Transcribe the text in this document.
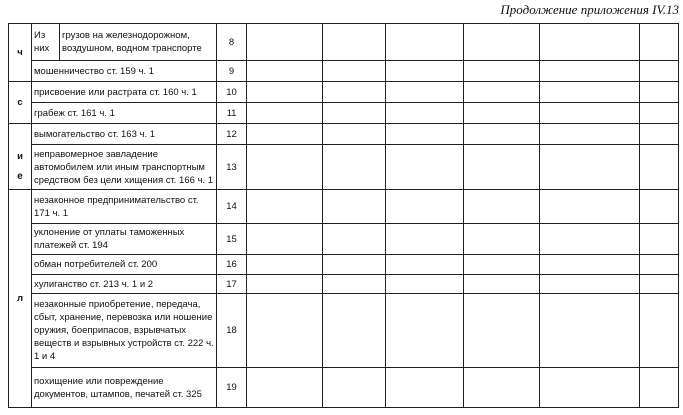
Продолжение приложения IV.13
ч	Из них	грузов на железнодорожном, воздушном, водном транспорте	8						
	мошенничество ст. 159 ч. 1		9						
с	присвоение или растрата ст. 160 ч. 1		10						
	грабеж ст. 161 ч. 1		11						
и	вымогательство ст. 163 ч. 1		12						
	неправомерное завладение автомобилем или иным транспортным средством без цели хищения ст. 166 ч. 1		13						
л	незаконное предпринимательство ст. 171 ч. 1		14						
	уклонение от уплаты таможенных платежей ст. 194		15						
	обман потребителей ст. 200		16						
	хулиганство ст. 213 ч. 1 и 2		17						
	незаконные приобретение, передача, сбыт, хранение, перевозка или ношение оружия, боеприпасов, взрывчатых веществ и взрывных устройств ст. 222 ч. 1 и 4		18						
	похищение или повреждение документов, штампов, печатей ст. 325		19						
е
